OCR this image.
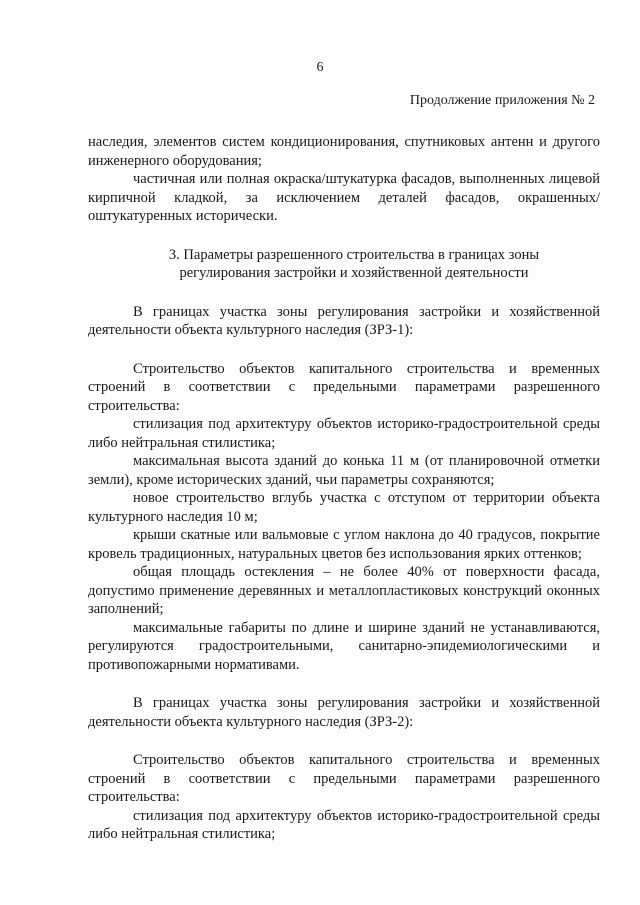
6
Продолжение приложения № 2

наследия, элементов систем кондиционирования, спутниковых антенн и другого инженерного оборудования;

частичная или полная окраска/штукатурка фасадов, выполненных лицевой кирпичной кладкой, за исключением деталей фасадов, окрашенных/оштукатуренных исторически.

3. Параметры разрешенного строительства в границах зоны

регулирования застройки и хозяйственной деятельности

В границах участка зоны регулирования застройки и хозяйственной деятельности объекта культурного наследия (ЗРЗ-1):

Строительство объектов капитального строительства и временных строений в соответствии с предельными параметрами разрешенного строительства:

стилизация под архитектуру объектов историко-градостроительной среды либо нейтральная стилистика;

максимальная высота зданий до конька 11 м (от планировочной отметки земли), кроме исторических зданий, чьи параметры сохраняются;

новое строительство вглубь участка с отступом от территории объекта культурного наследия 10 м;

крыши скатные или вальмовые с углом наклона до 40 градусов, покрытие кровель традиционных, натуральных цветов без использования ярких оттенков;

общая площадь остекления – не более 40% от поверхности фасада, допустимо применение деревянных и металлопластиковых конструкций оконных заполнений;

максимальные габариты по длине и ширине зданий не устанавливаются, регулируются градостроительными, санитарно-эпидемиологическими и противопожарными нормативами.

В границах участка зоны регулирования застройки и хозяйственной деятельности объекта культурного наследия (ЗРЗ-2):

Строительство объектов капитального строительства и временных строений в соответствии с предельными параметрами разрешенного строительства:

стилизация под архитектуру объектов историко-градостроительной среды либо нейтральная стилистика;
